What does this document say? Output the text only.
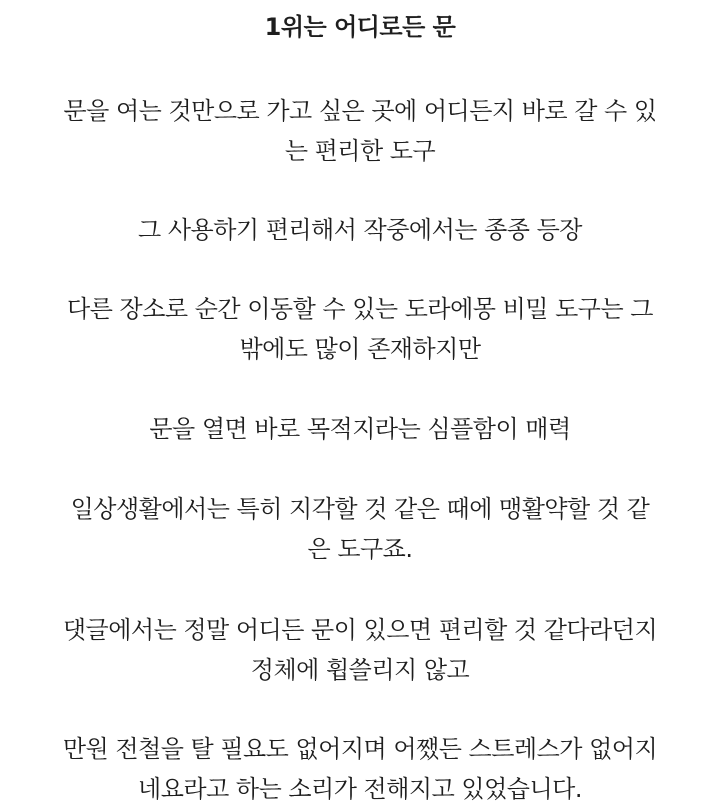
1위는 어디로든 문

문을 여는 것만으로 가고 싶은 곳에 어디든지 바로 갈 수 있
는 편리한 도구

그 사용하기 편리해서 작중에서는 종종 등장

다른 장소로 순간 이동할 수 있는 도라에몽 비밀 도구는 그
밖에도 많이 존재하지만

문을 열면 바로 목적지라는 심플함이 매력

일상생활에서는 특히 지각할 것 같은 때에 맹활약할 것 같
은 도구죠.

댓글에서는 정말 어디든 문이 있으면 편리할 것 같다라던지
정체에 휩쓸리지 않고

만원 전철을 탈 필요도 없어지며 어쨌든 스트레스가 없어지
네요라고 하는 소리가 전해지고 있었습니다.
